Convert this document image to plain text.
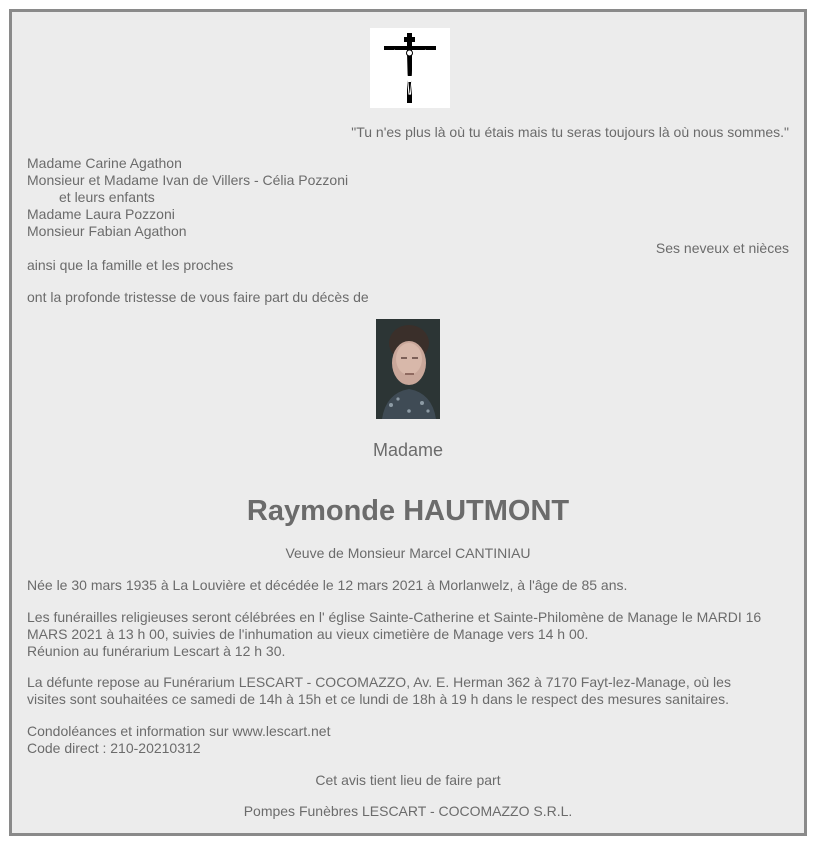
"Tu n'es plus là où tu étais mais tu seras toujours là où nous sommes."
Madame Carine Agathon
Monsieur et Madame Ivan de Villers - Célia Pozzoni
et leurs enfants
Madame Laura Pozzoni
Monsieur Fabian Agathon
Ses neveux et nièces
ainsi que la famille et les proches
ont la profonde tristesse de vous faire part du décès de
Madame
Raymonde HAUTMONT
Veuve de Monsieur Marcel CANTINIAU
Née le 30 mars 1935 à La Louvière et décédée le 12 mars 2021 à Morlanwelz, à l'âge de 85 ans.
Les funérailles religieuses seront célébrées en l' église Sainte-Catherine et Sainte-Philomène de Manage le MARDI 16
MARS 2021 à 13 h 00, suivies de l'inhumation au vieux cimetière de Manage vers 14 h 00.
Réunion au funérarium Lescart à 12 h 30.
La défunte repose au Funérarium LESCART - COCOMAZZO, Av. E. Herman 362 à 7170 Fayt-lez-Manage, où les
visites sont souhaitées ce samedi de 14h à 15h et ce lundi de 18h à 19 h dans le respect des mesures sanitaires.
Condoléances et information sur www.lescart.net
Code direct : 210-20210312
Cet avis tient lieu de faire part
Pompes Funèbres LESCART - COCOMAZZO S.R.L.
